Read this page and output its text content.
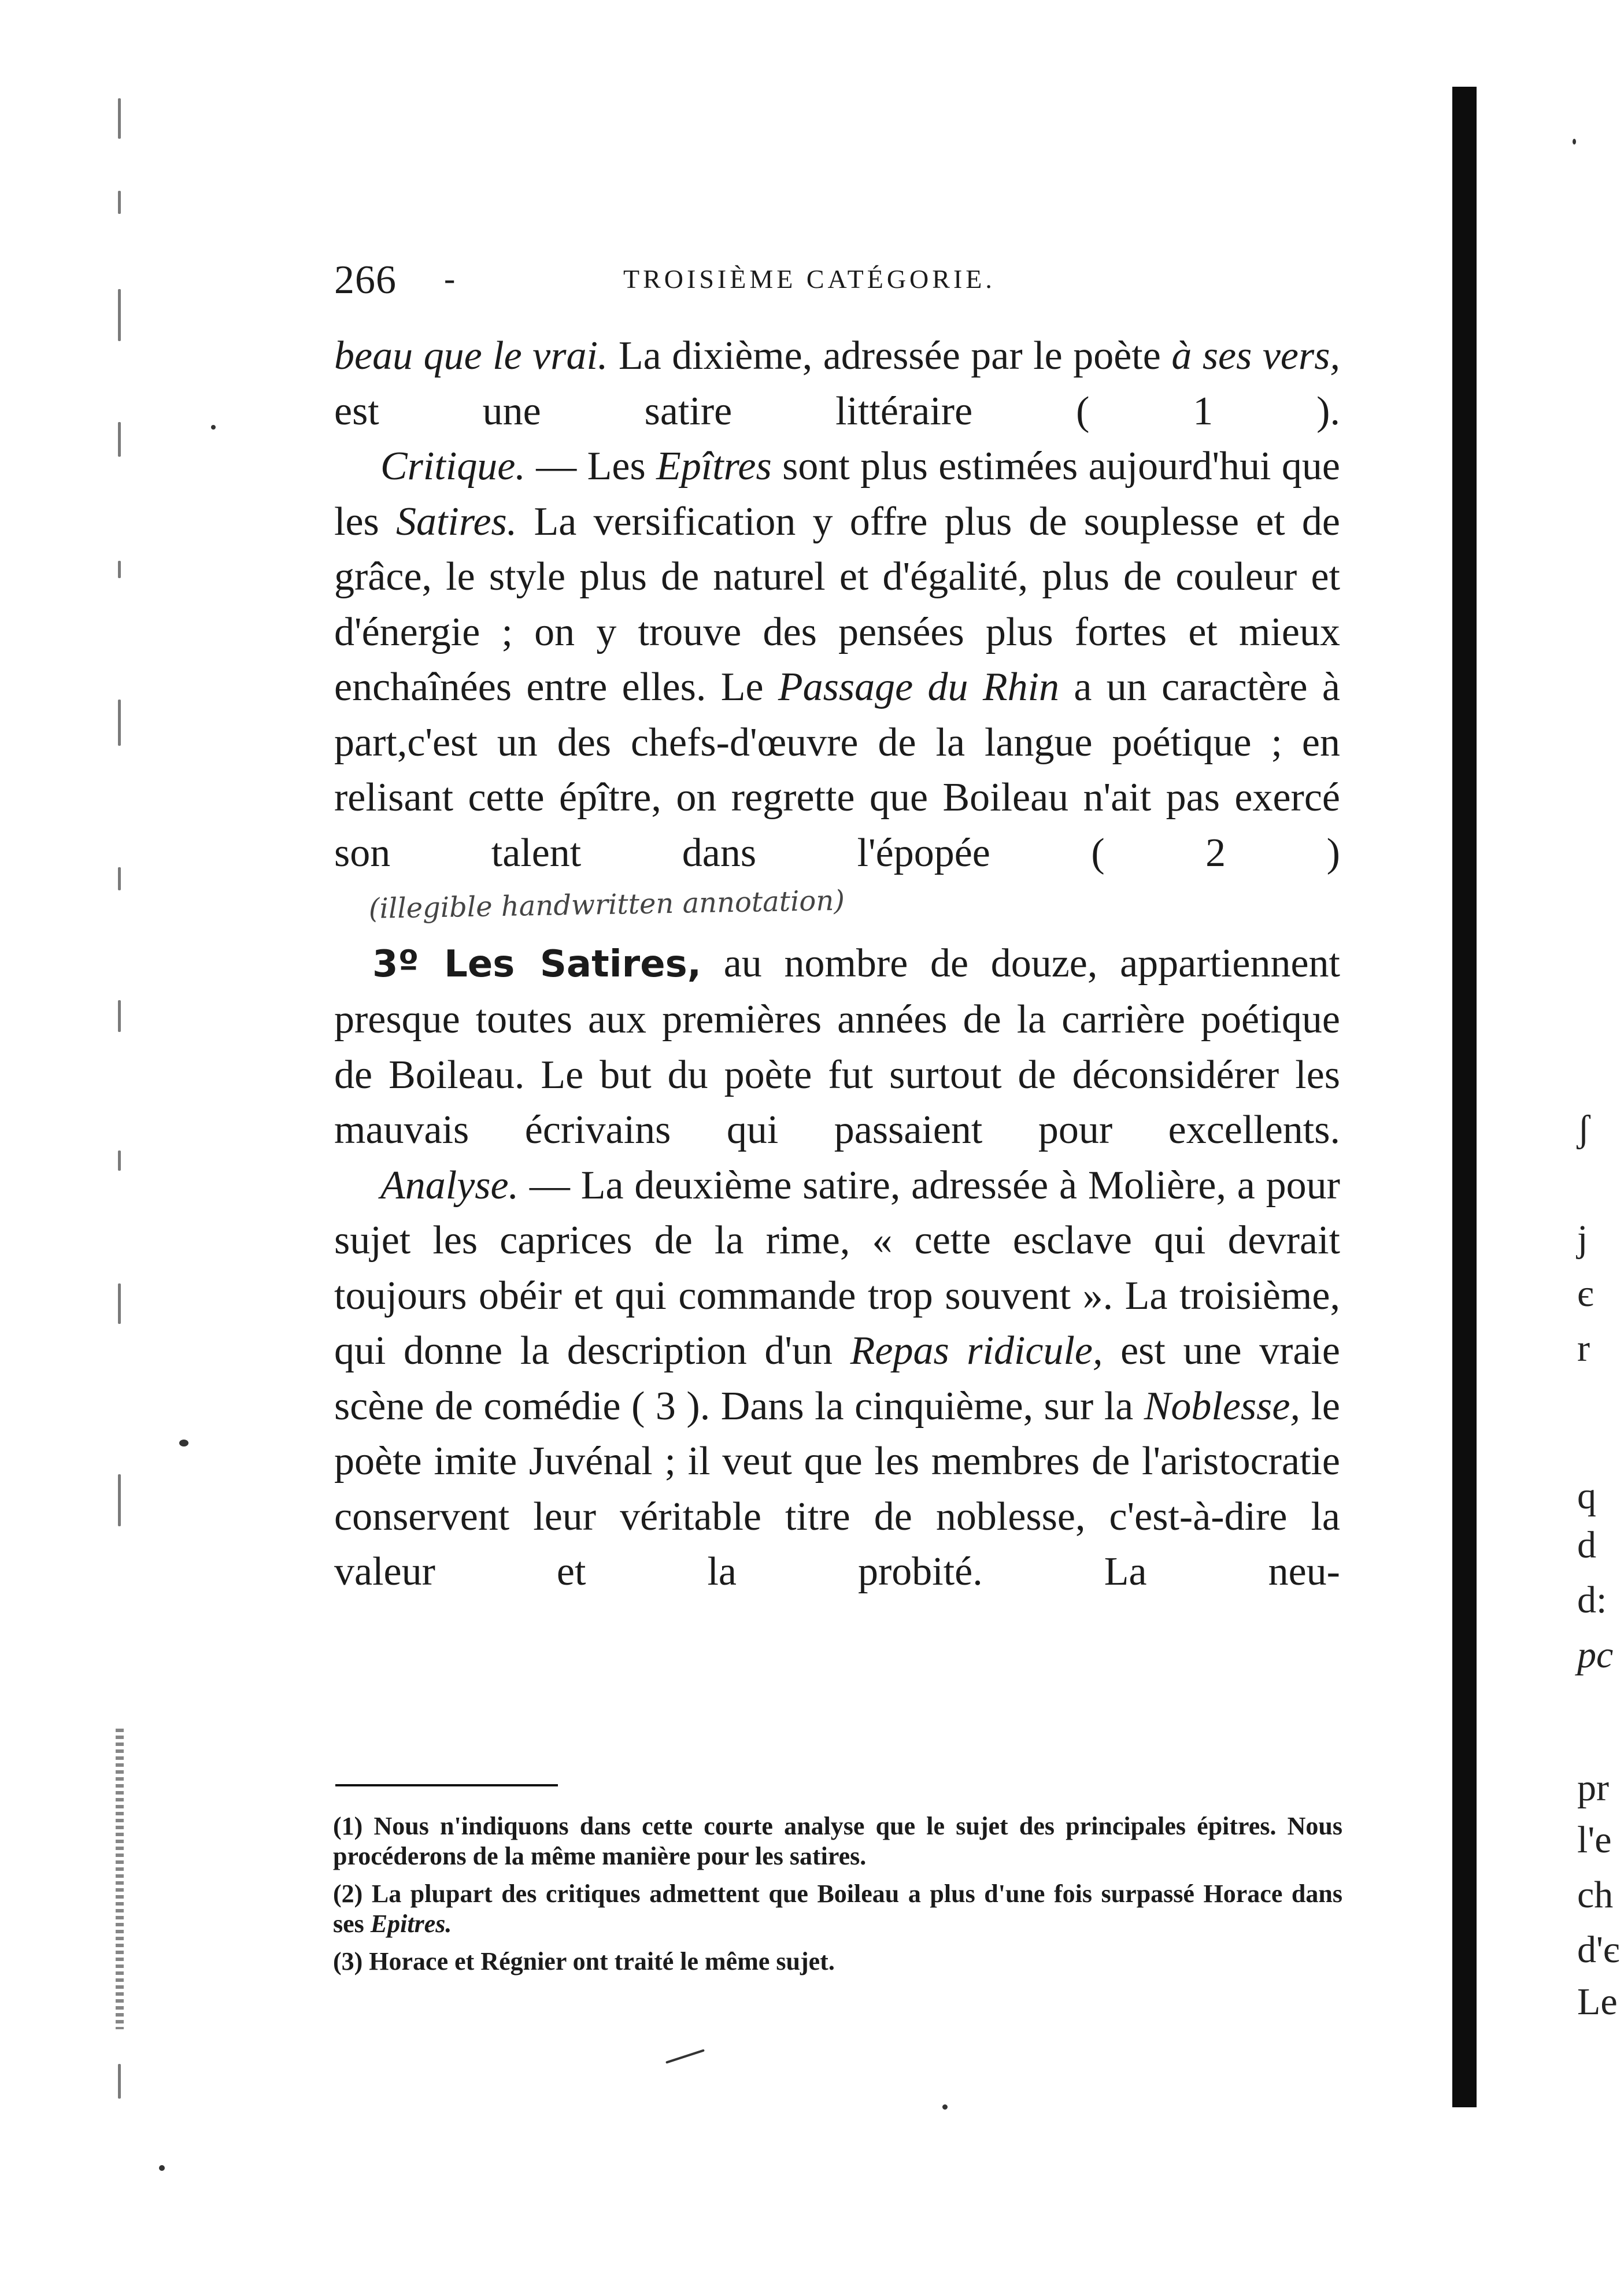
ʃ
j
є
r
q
d
d:
pc
pr
l'e
ch
d'є
Le
266 -	TROISIÈME CATÉGORIE.

beau que le vrai. La dixième, adressée par le poète à ses vers, est une satire littéraire ( 1 ).

Critique. — Les Epîtres sont plus estimées aujourd'hui que les Satires. La versification y offre plus de souplesse et de grâce, le style plus de naturel et d'égalité, plus de couleur et d'énergie ; on y trouve des pensées plus fortes et mieux enchaînées entre elles. Le Passage du Rhin a un caractère à part,c'est un des chefs-d'œuvre de la langue poétique ; en relisant cette épître, on regrette que Boileau n'ait pas exercé son talent dans l'épopée ( 2 )

(illegible handwritten annotation)

3º Les Satires, au nombre de douze, appartiennent presque toutes aux premières années de la carrière poétique de Boileau. Le but du poète fut surtout de déconsidérer les mauvais écrivains qui passaient pour excellents.

Analyse. — La deuxième satire, adressée à Molière, a pour sujet les caprices de la rime, « cette esclave qui devrait toujours obéir et qui commande trop souvent ». La troisième, qui donne la description d'un Repas ridicule, est une vraie scène de comédie ( 3 ). Dans la cinquième, sur la Noblesse, le poète imite Juvénal ; il veut que les membres de l'aristocratie conservent leur véritable titre de noblesse, c'est-à-dire la valeur et la probité. La neu-

(1) Nous n'indiquons dans cette courte analyse que le sujet des principales épitres. Nous procéderons de la même manière pour les satires.

(2) La plupart des critiques admettent que Boileau a plus d'une fois surpassé Horace dans ses Epitres.

(3) Horace et Régnier ont traité le même sujet.
